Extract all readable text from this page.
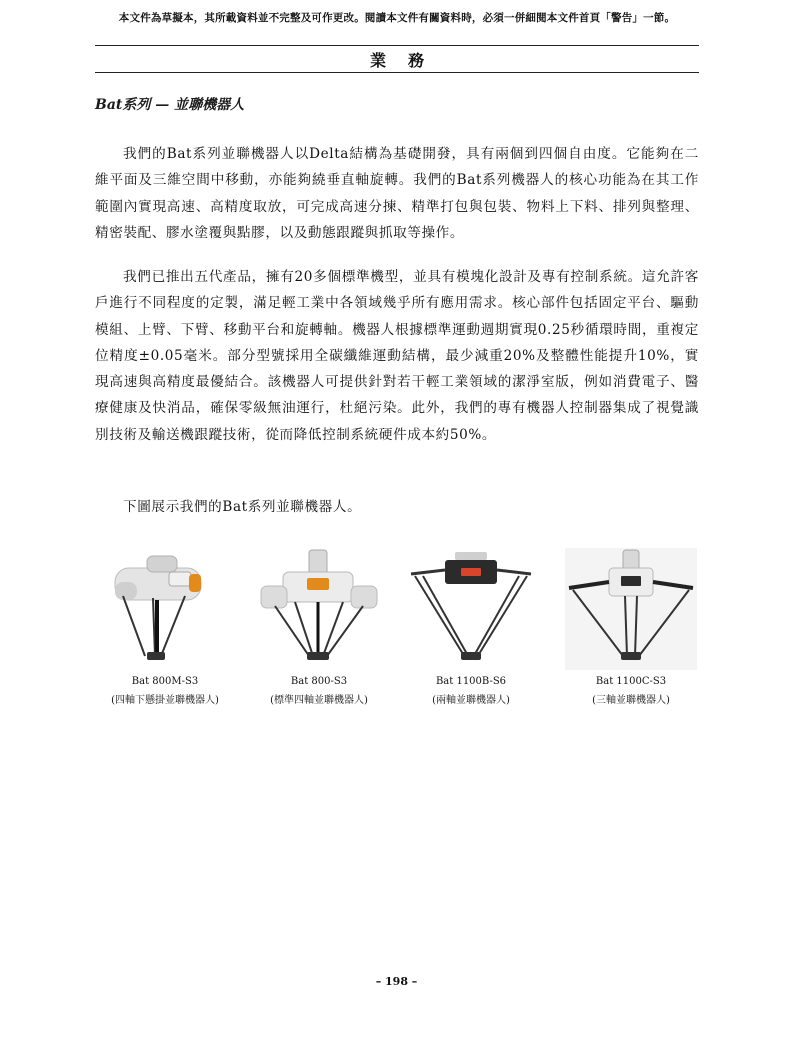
本文件為草擬本，其所載資料並不完整及可作更改。閱讀本文件有關資料時，必須一併細閱本文件首頁「警告」一節。
業務
Bat系列 — 並聯機器人

我們的Bat系列並聯機器人以Delta結構為基礎開發，具有兩個到四個自由度。它能夠在二維平面及三維空間中移動，亦能夠繞垂直軸旋轉。我們的Bat系列機器人的核心功能為在其工作範圍內實現高速、高精度取放，可完成高速分揀、精準打包與包裝、物料上下料、排列與整理、精密裝配、膠水塗覆與點膠，以及動態跟蹤與抓取等操作。

我們已推出五代產品，擁有20多個標準機型，並具有模塊化設計及專有控制系統。這允許客戶進行不同程度的定製，滿足輕工業中各領域幾乎所有應用需求。核心部件包括固定平台、驅動模組、上臂、下臂、移動平台和旋轉軸。機器人根據標準運動週期實現0.25秒循環時間，重複定位精度±0.05毫米。部分型號採用全碳纖維運動結構，最少減重20%及整體性能提升10%，實現高速與高精度最優結合。該機器人可提供針對若干輕工業領域的潔淨室版，例如消費電子、醫療健康及快消品，確保零級無油運行，杜絕污染。此外，我們的專有機器人控制器集成了視覺識別技術及輸送機跟蹤技術，從而降低控制系統硬件成本約50%。

下圖展示我們的Bat系列並聯機器人。

Bat 800M-S3
(四軸下懸掛並聯機器人)
Bat 800-S3
(標準四軸並聯機器人)
Bat 1100B-S6
(兩軸並聯機器人)
Bat 1100C-S3
(三軸並聯機器人)
– 198 –
